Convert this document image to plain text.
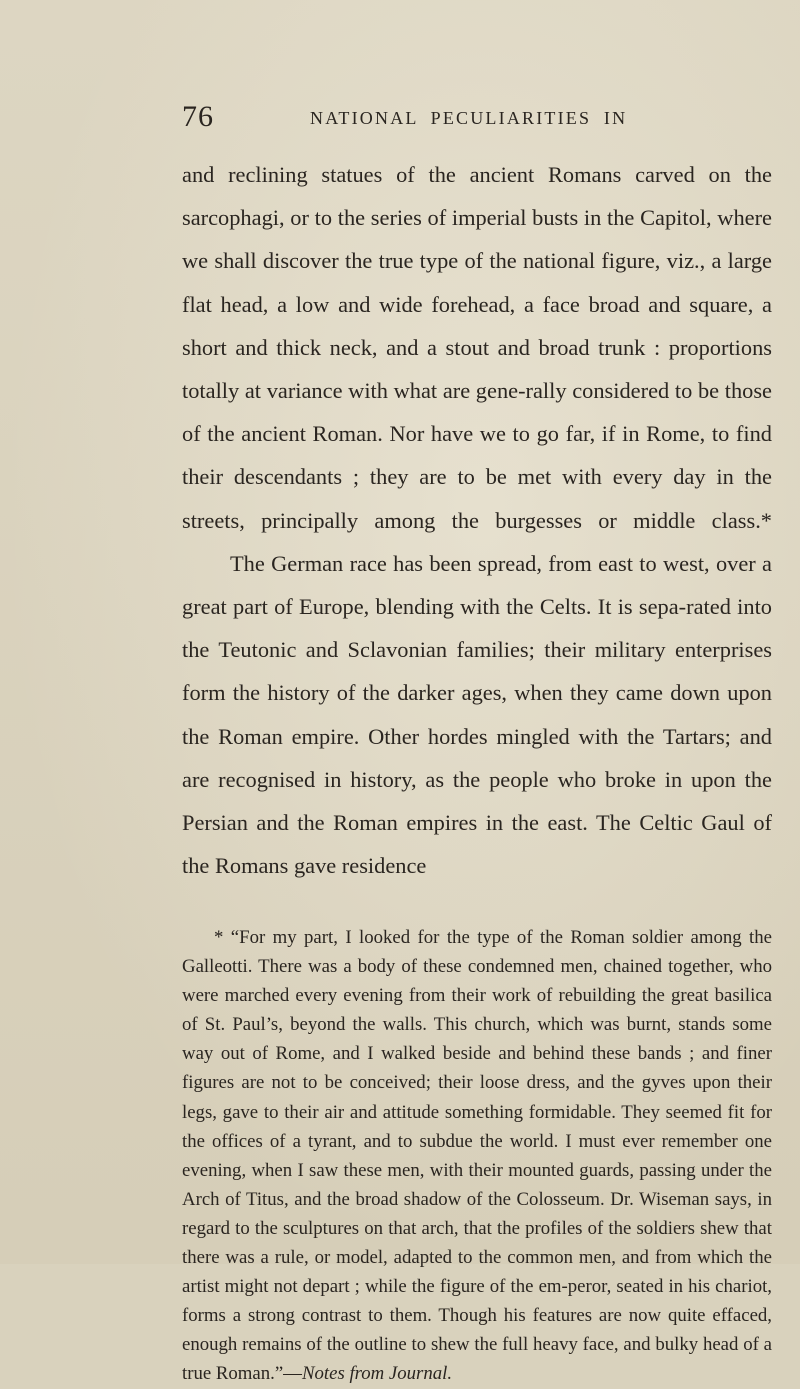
76	NATIONAL PECULIARITIES IN

and reclining statues of the ancient Romans carved on the sarcophagi, or to the series of imperial busts in the Capitol, where we shall discover the true type of the national figure, viz., a large flat head, a low and wide forehead, a face broad and square, a short and thick neck, and a stout and broad trunk : proportions totally at variance with what are gene-rally considered to be those of the ancient Roman. Nor have we to go far, if in Rome, to find their descendants ; they are to be met with every day in the streets, principally among the burgesses or middle class.*

The German race has been spread, from east to west, over a great part of Europe, blending with the Celts. It is sepa-rated into the Teutonic and Sclavonian families; their military enterprises form the history of the darker ages, when they came down upon the Roman empire. Other hordes mingled with the Tartars; and are recognised in history, as the people who broke in upon the Persian and the Roman empires in the east. The Celtic Gaul of the Romans gave residence

* “For my part, I looked for the type of the Roman soldier among the Galleotti. There was a body of these condemned men, chained together, who were marched every evening from their work of rebuilding the great basilica of St. Paul’s, beyond the walls. This church, which was burnt, stands some way out of Rome, and I walked beside and behind these bands ; and finer figures are not to be conceived; their loose dress, and the gyves upon their legs, gave to their air and attitude something formidable. They seemed fit for the offices of a tyrant, and to subdue the world. I must ever remember one evening, when I saw these men, with their mounted guards, passing under the Arch of Titus, and the broad shadow of the Colosseum. Dr. Wiseman says, in regard to the sculptures on that arch, that the profiles of the soldiers shew that there was a rule, or model, adapted to the common men, and from which the artist might not depart ; while the figure of the em-peror, seated in his chariot, forms a strong contrast to them. Though his features are now quite effaced, enough remains of the outline to shew the full heavy face, and bulky head of a true Roman.”—Notes from Journal.
